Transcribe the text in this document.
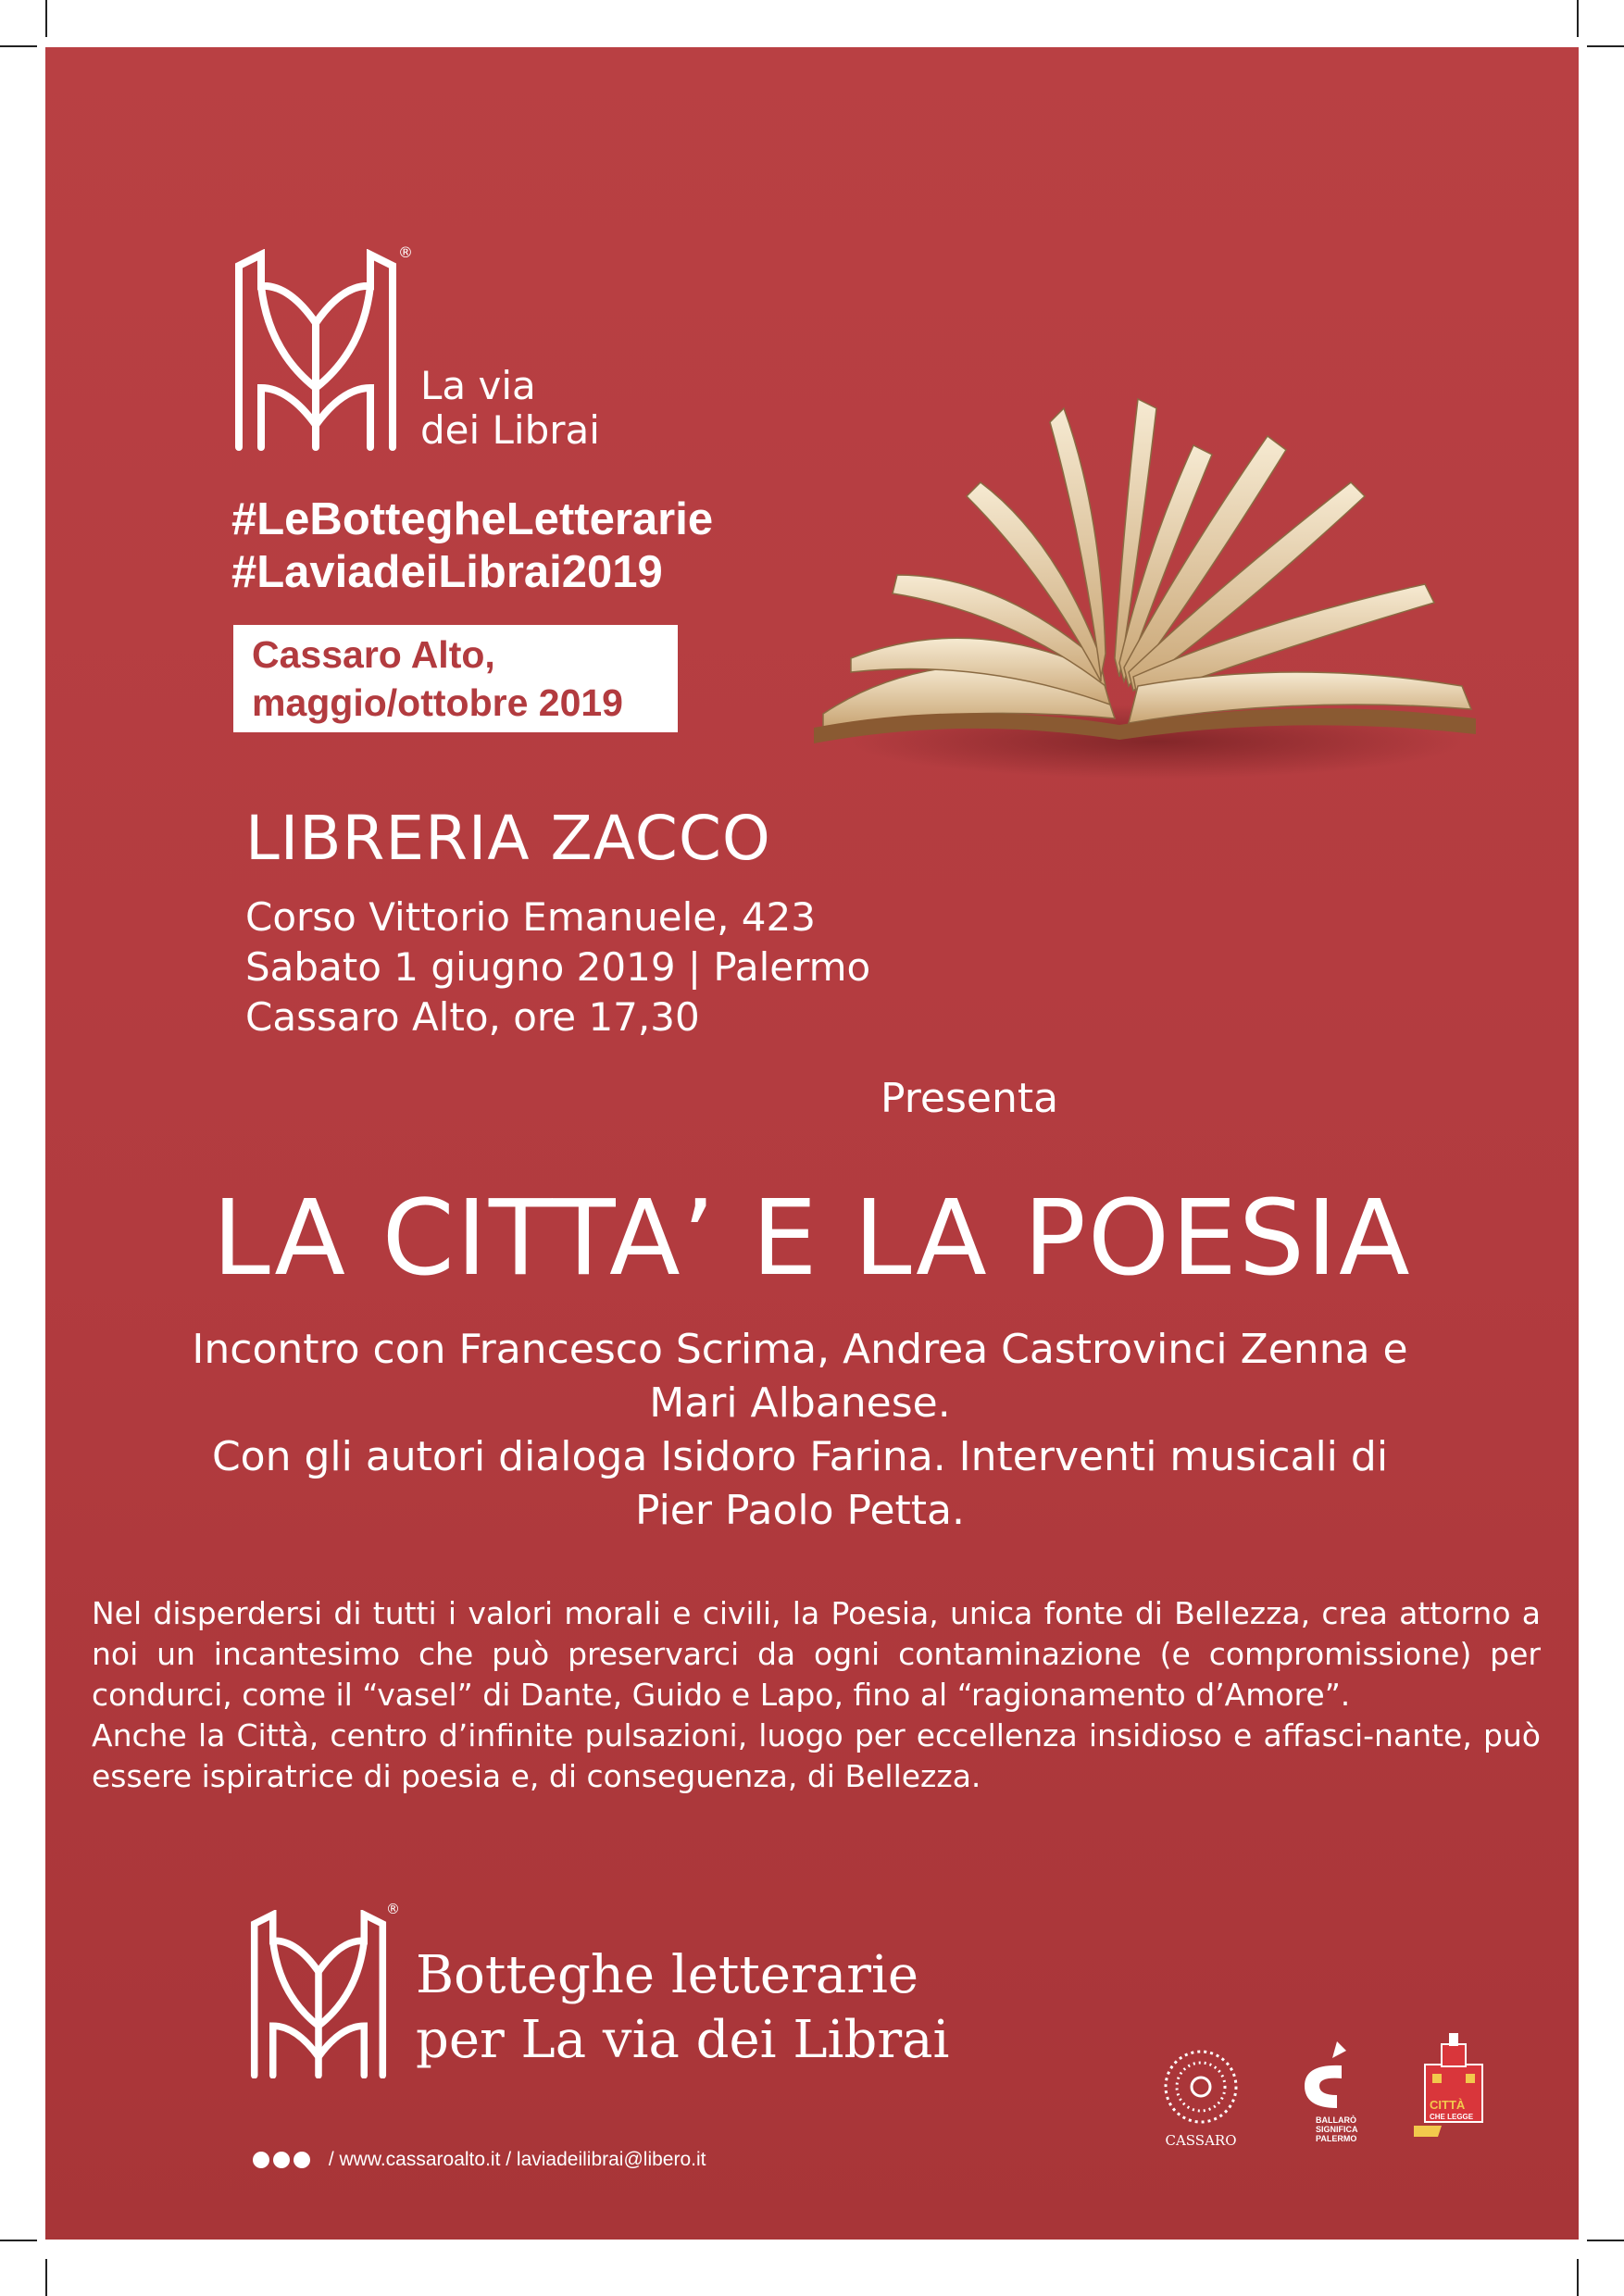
®
La via
dei Librai
#LeBottegheLetterarie
#LaviadeiLibrai2019
Cassaro Alto,
maggio/ottobre 2019
LIBRERIA ZACCO
Corso Vittorio Emanuele, 423
Sabato 1 giugno 2019 | Palermo
Cassaro Alto, ore 17,30
Presenta
LA CITTA’ E LA POESIA
Incontro con Francesco Scrima, Andrea Castrovinci Zenna e
Mari Albanese.
Con gli autori dialoga Isidoro Farina. Interventi musicali di
Pier Paolo Petta.
Nel disperdersi di tutti i valori morali e civili, la Poesia, unica fonte di Bellezza, crea attorno a noi un incantesimo che può preservarci da ogni contaminazione (e compromissione) per condurci, come il “vasel” di Dante, Guido e Lapo, fino al “ragionamento d’Amore”.
Anche la Città, centro d’infinite pulsazioni, luogo per eccellenza insidioso e affasci-nante, può essere ispiratrice di poesia e, di conseguenza, di Bellezza.
®
Botteghe letterarie
per La via dei Librai
/ www.cassaroalto.it / laviadeilibrai@libero.it
CASSARO
BALLARÒ
SIGNIFICA
PALERMO
CITTÀ
CHE LEGGE
